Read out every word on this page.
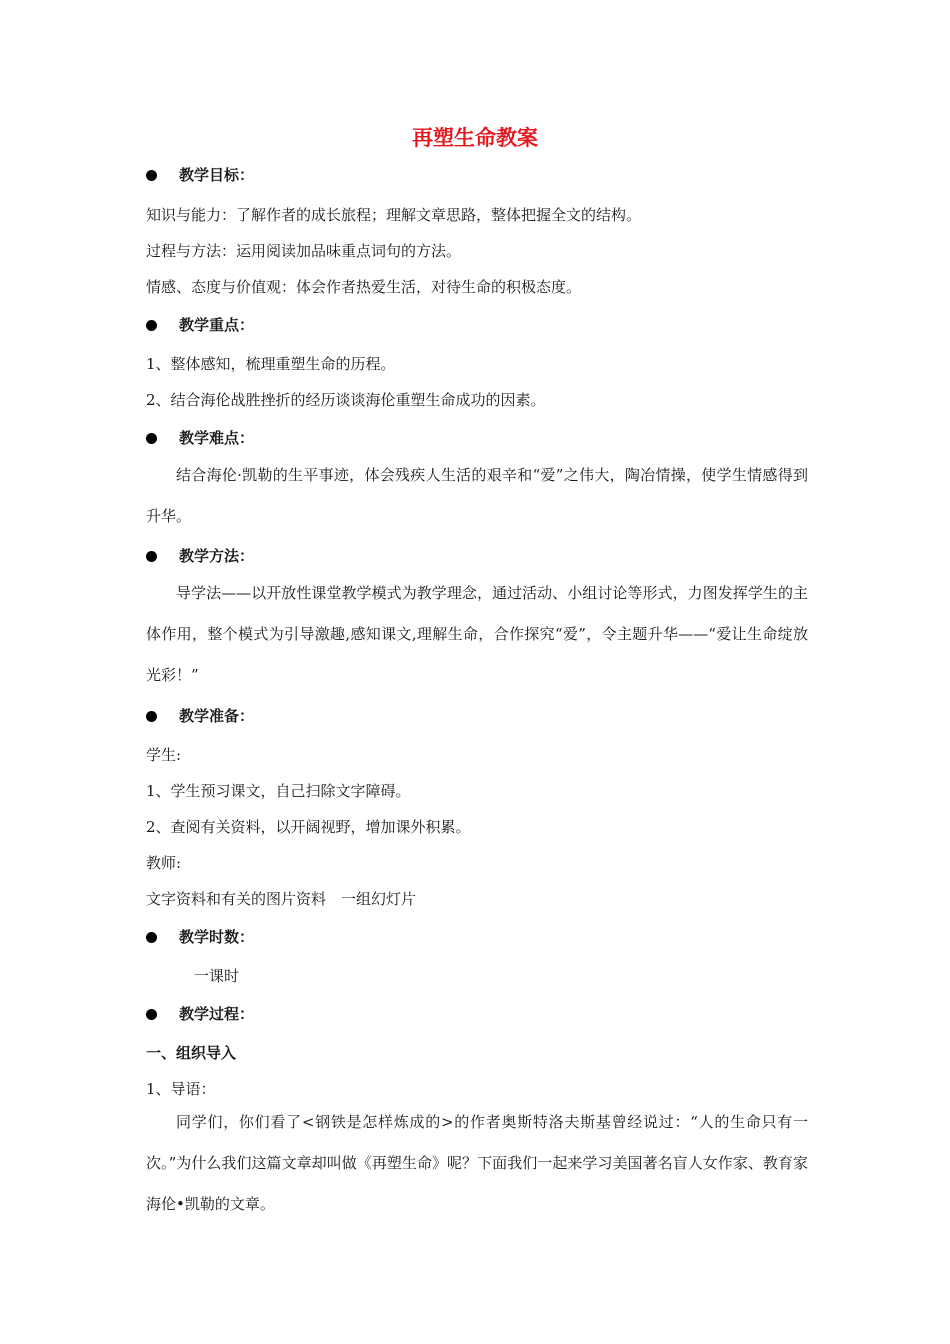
再塑生命教案
教学目标：
知识与能力：了解作者的成长旅程；理解文章思路，整体把握全文的结构。
过程与方法：运用阅读加品味重点词句的方法。
情感、态度与价值观：体会作者热爱生活，对待生命的积极态度。
教学重点：
1、整体感知，梳理重塑生命的历程。
2、结合海伦战胜挫折的经历谈谈海伦重塑生命成功的因素。
教学难点：
结合海伦·凯勒的生平事迹，体会残疾人生活的艰辛和“爱”之伟大，陶冶情操，使学生情感得到升华。
教学方法：
导学法——以开放性课堂教学模式为教学理念，通过活动、小组讨论等形式，力图发挥学生的主体作用，整个模式为引导激趣,感知课文,理解生命，合作探究“爱”，令主题升华——“爱让生命绽放光彩！”
教学准备：
学生:
1、学生预习课文，自己扫除文字障碍。
2、查阅有关资料，以开阔视野，增加课外积累。
教师:
文字资料和有关的图片资料　一组幻灯片
教学时数：
一课时
教学过程：
一、组织导入
1、导语：
同学们，你们看了<钢铁是怎样炼成的>的作者奥斯特洛夫斯基曾经说过：“人的生命只有一次。”为什么我们这篇文章却叫做《再塑生命》呢？下面我们一起来学习美国著名盲人女作家、教育家海伦•凯勒的文章。
